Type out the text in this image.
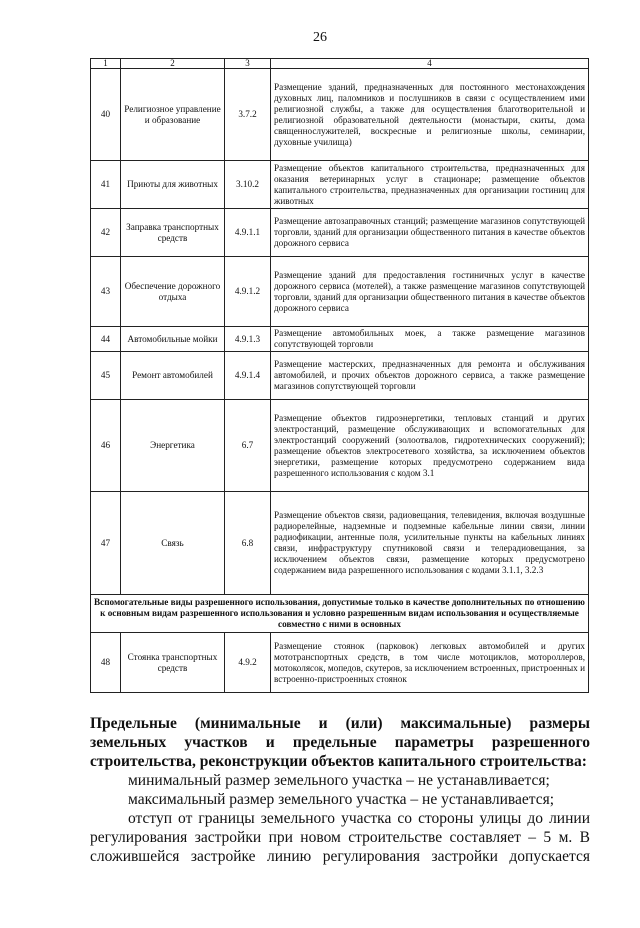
26
1	2	3	4
40	Религиозное управление и образование	3.7.2	Размещение зданий, предназначенных для постоянного местонахождения духовных лиц, паломников и послушников в связи с осуществлением ими религиозной службы, а также для осуществления благотворительной и религиозной образовательной деятельности (монастыри, скиты, дома священнослужителей, воскресные и религиозные школы, семинарии, духовные училища)
41	Приюты для животных	3.10.2	Размещение объектов капитального строительства, предназначенных для оказания ветеринарных услуг в стационаре; размещение объектов капитального строительства, предназначенных для организации гостиниц для животных
42	Заправка транспортных средств	4.9.1.1	Размещение автозаправочных станций; размещение магазинов сопутствующей торговли, зданий для организации общественного питания в качестве объектов дорожного сервиса
43	Обеспечение дорожного отдыха	4.9.1.2	Размещение зданий для предоставления гостиничных услуг в качестве дорожного сервиса (мотелей), а также размещение магазинов сопутствующей торговли, зданий для организации общественного питания в качестве объектов дорожного сервиса
44	Автомобильные мойки	4.9.1.3	Размещение автомобильных моек, а также размещение магазинов сопутствующей торговли
45	Ремонт автомобилей	4.9.1.4	Размещение мастерских, предназначенных для ремонта и обслуживания автомобилей, и прочих объектов дорожного сервиса, а также размещение магазинов сопутствующей торговли
46	Энергетика	6.7	Размещение объектов гидроэнергетики, тепловых станций и других электростанций, размещение обслуживающих и вспомогательных для электростанций сооружений (золоотвалов, гидротехнических сооружений); размещение объектов электросетевого хозяйства, за исключением объектов энергетики, размещение которых предусмотрено содержанием вида разрешенного использования с кодом 3.1
47	Связь	6.8	Размещение объектов связи, радиовещания, телевидения, включая воздушные радиорелейные, надземные и подземные кабельные линии связи, линии радиофикации, антенные поля, усилительные пункты на кабельных линиях связи, инфраструктуру спутниковой связи и телерадиовещания, за исключением объектов связи, размещение которых предусмотрено содержанием вида разрешенного использования с кодами 3.1.1, 3.2.3
Вспомогательные виды разрешенного использования, допустимые только в качестве дополнительных по отношению к основным видам разрешенного использования и условно разрешенным видам использования и осуществляемые совместно с ними в основных			
48	Стоянка транспортных средств	4.9.2	Размещение стоянок (парковок) легковых автомобилей и других мототранспортных средств, в том числе мотоциклов, мотороллеров, мотоколясок, мопедов, скутеров, за исключением встроенных, пристроенных и встроенно-пристроенных стоянок

Предельные (минимальные и (или) максимальные) размеры

земельных участков и предельные параметры разрешенного

строительства, реконструкции объектов капитального строительства:

минимальный размер земельного участка – не устанавливается;

максимальный размер земельного участка – не устанавливается;

отступ от границы земельного участка со стороны улицы до линии

регулирования застройки при новом строительстве составляет – 5 м. В

сложившейся застройке линию регулирования застройки допускается
